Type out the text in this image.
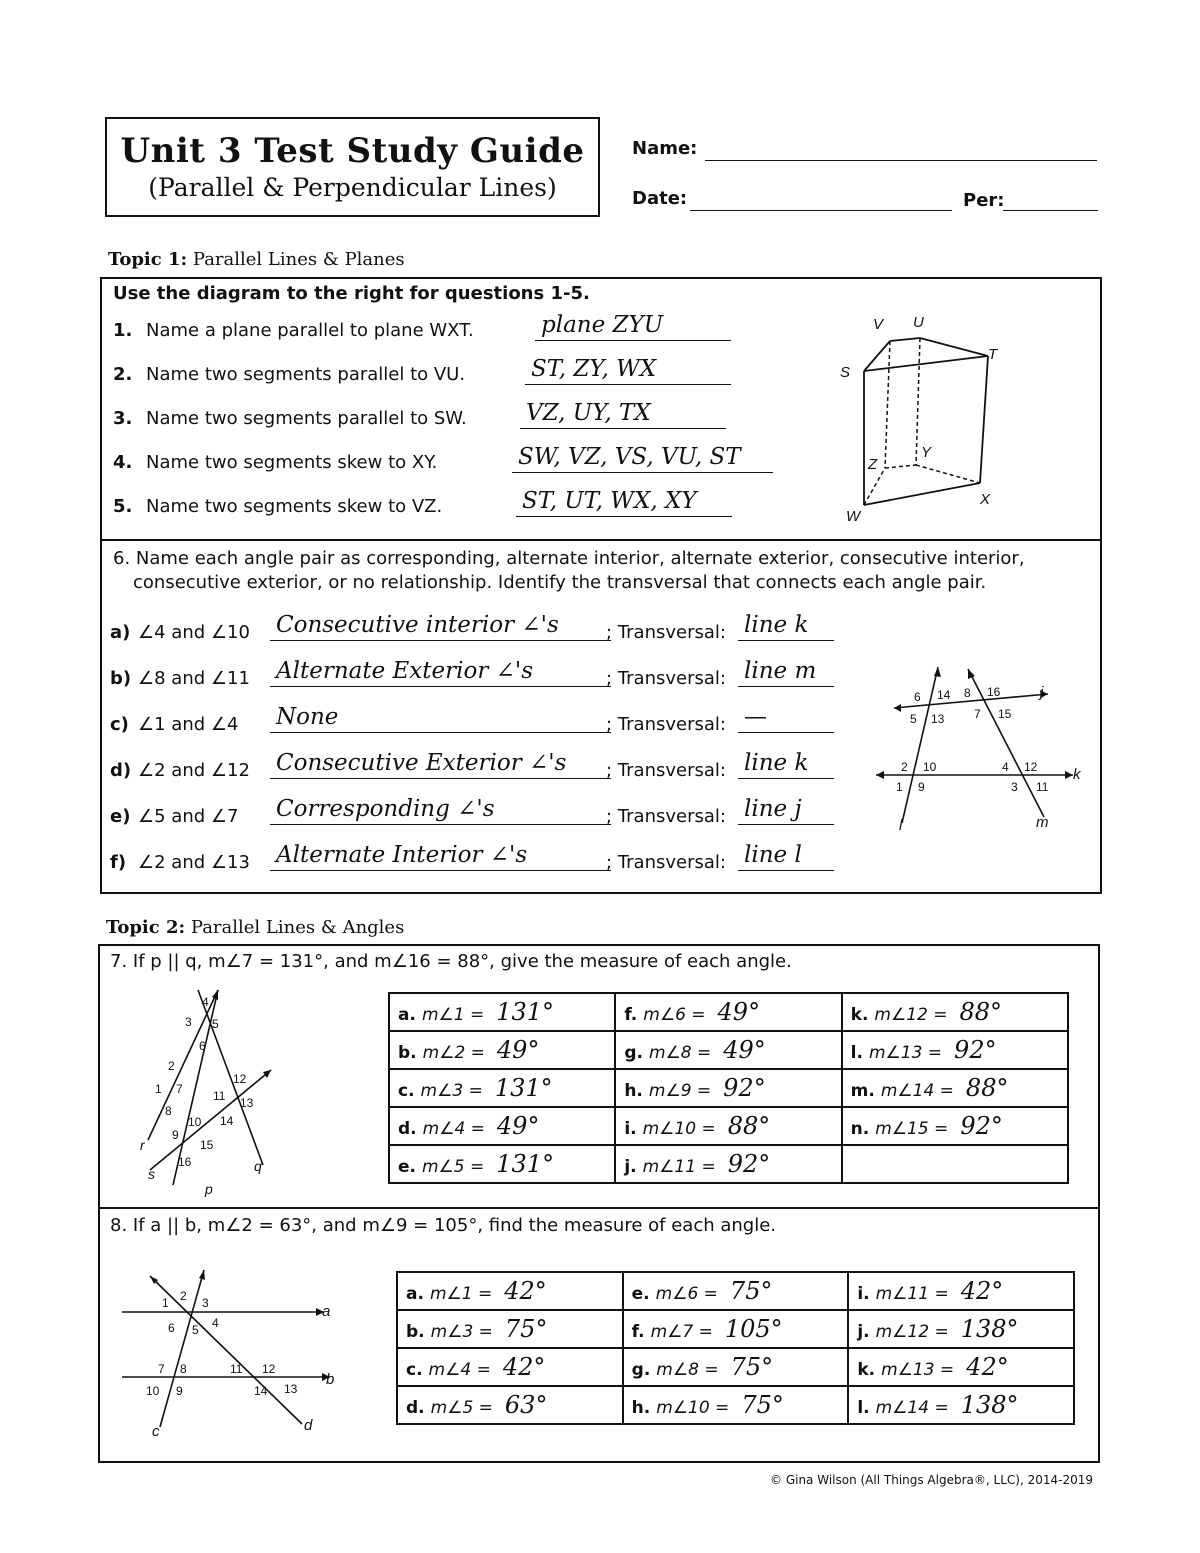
Unit 3 Test Study Guide
(Parallel & Perpendicular Lines)
Name:
Date:	Per:
Topic 1: Parallel Lines & Planes
Use the diagram to the right for questions 1-5.
1. Name a plane parallel to plane WXT.	plane ZYU
2. Name two segments parallel to VU.	ST, ZY, WX
3. Name two segments parallel to SW.	VZ, UY, TX
4. Name two segments skew to XY.	SW, VZ, VS, VU, ST
5. Name two segments skew to VZ.	ST, UT, WX, XY
V U
S
T
Z
Y
W
X
6. Name each angle pair as corresponding, alternate interior, alternate exterior, consecutive interior,
consecutive exterior, or no relationship. Identify the transversal that connects each angle pair.
a) ∠4 and ∠10 Consecutive interior ∠'s	; Transversal: line k
b) ∠8 and ∠11 Alternate Exterior ∠'s	; Transversal: line m
c) ∠1 and ∠4 None	; Transversal: —
d) ∠2 and ∠12 Consecutive Exterior ∠'s	; Transversal: line k
e) ∠5 and ∠7 Corresponding ∠'s	; Transversal: line j
f) ∠2 and ∠13 Alternate Interior ∠'s	; Transversal: line l
6 14 8 16	j
5 13 7 15
2 10	4 12 k
1 9	3 11
l	m
Topic 2: Parallel Lines & Angles
7. If p || q, m∠7 = 131°, and m∠16 = 88°, give the measure of each angle.
4
3 5
6
2
1 7
12
11 13
8
10 14
9
15
16
r
s	q
p
a. m∠1 = 131°	f. m∠6 = 49°	k. m∠12 = 88°
b. m∠2 = 49°	g. m∠8 = 49°	l. m∠13 = 92°
c. m∠3 = 131°	h. m∠9 = 92°	m. m∠14 = 88°
d. m∠4 = 49°	i. m∠10 = 88°	n. m∠15 = 92°
e. m∠5 = 131°	j. m∠11 = 92°	
8. If a || b, m∠2 = 63°, and m∠9 = 105°, find the measure of each angle.
1 2 3	a
6 5 4
7 8	11 12
b
10 9	14 13
c	d
a. m∠1 = 42°	e. m∠6 = 75°	i. m∠11 = 42°
b. m∠3 = 75°	f. m∠7 = 105°	j. m∠12 = 138°
c. m∠4 = 42°	g. m∠8 = 75°	k. m∠13 = 42°
d. m∠5 = 63°	h. m∠10 = 75°	l. m∠14 = 138°
© Gina Wilson (All Things Algebra®, LLC), 2014-2019
